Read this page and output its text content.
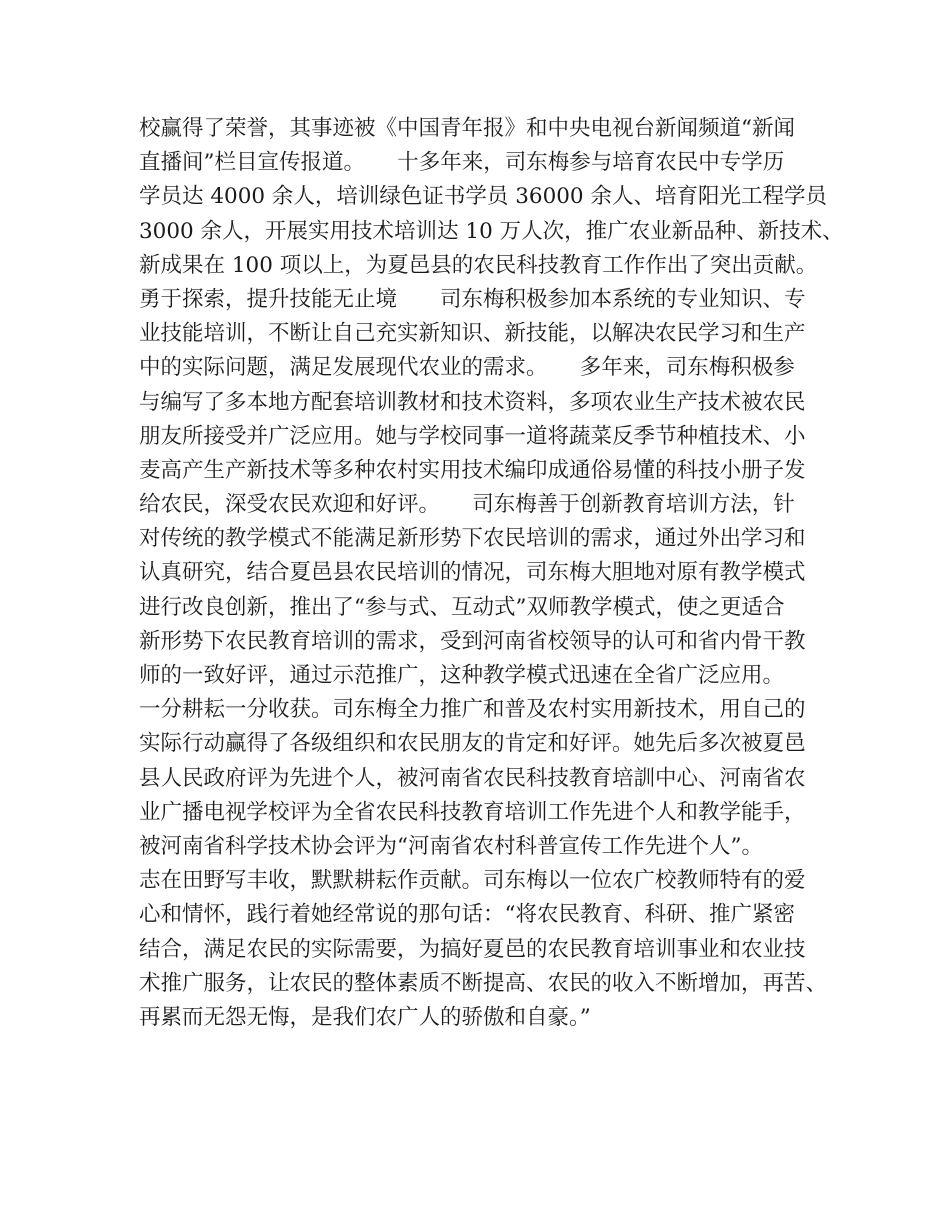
校赢得了荣誉，其事迹被《中国青年报》和中央电视台新闻频道“新闻
直播间”栏目宣传报道。　　十多年来，司东梅参与培育农民中专学历
学员达 4000 余人，培训绿色证书学员 36000 余人、培育阳光工程学员
3000 余人，开展实用技术培训达 10 万人次，推广农业新品种、新技术、
新成果在 100 项以上，为夏邑县的农民科技教育工作作出了突出贡献。
勇于探索，提升技能无止境　　司东梅积极参加本系统的专业知识、专
业技能培训，不断让自己充实新知识、新技能，以解决农民学习和生产
中的实际问题，满足发展现代农业的需求。　　多年来，司东梅积极参
与编写了多本地方配套培训教材和技术资料，多项农业生产技术被农民
朋友所接受并广泛应用。她与学校同事一道将蔬菜反季节种植技术、小
麦高产生产新技术等多种农村实用技术编印成通俗易懂的科技小册子发
给农民，深受农民欢迎和好评。　　司东梅善于创新教育培训方法，针
对传统的教学模式不能满足新形势下农民培训的需求，通过外出学习和
认真研究，结合夏邑县农民培训的情况，司东梅大胆地对原有教学模式
进行改良创新，推出了“参与式、互动式”双师教学模式，使之更适合
新形势下农民教育培训的需求，受到河南省校领导的认可和省内骨干教
师的一致好评，通过示范推广，这种教学模式迅速在全省广泛应用。
一分耕耘一分收获。司东梅全力推广和普及农村实用新技术，用自己的
实际行动赢得了各级组织和农民朋友的肯定和好评。她先后多次被夏邑
县人民政府评为先进个人，被河南省农民科技教育培訓中心、河南省农
业广播电视学校评为全省农民科技教育培训工作先进个人和教学能手，
被河南省科学技术协会评为“河南省农村科普宣传工作先进个人”。
志在田野写丰收，默默耕耘作贡献。司东梅以一位农广校教师特有的爱
心和情怀，践行着她经常说的那句话：“将农民教育、科研、推广紧密
结合，满足农民的实际需要，为搞好夏邑的农民教育培训事业和农业技
术推广服务，让农民的整体素质不断提高、农民的收入不断增加，再苦、
再累而无怨无悔，是我们农广人的骄傲和自豪。”
